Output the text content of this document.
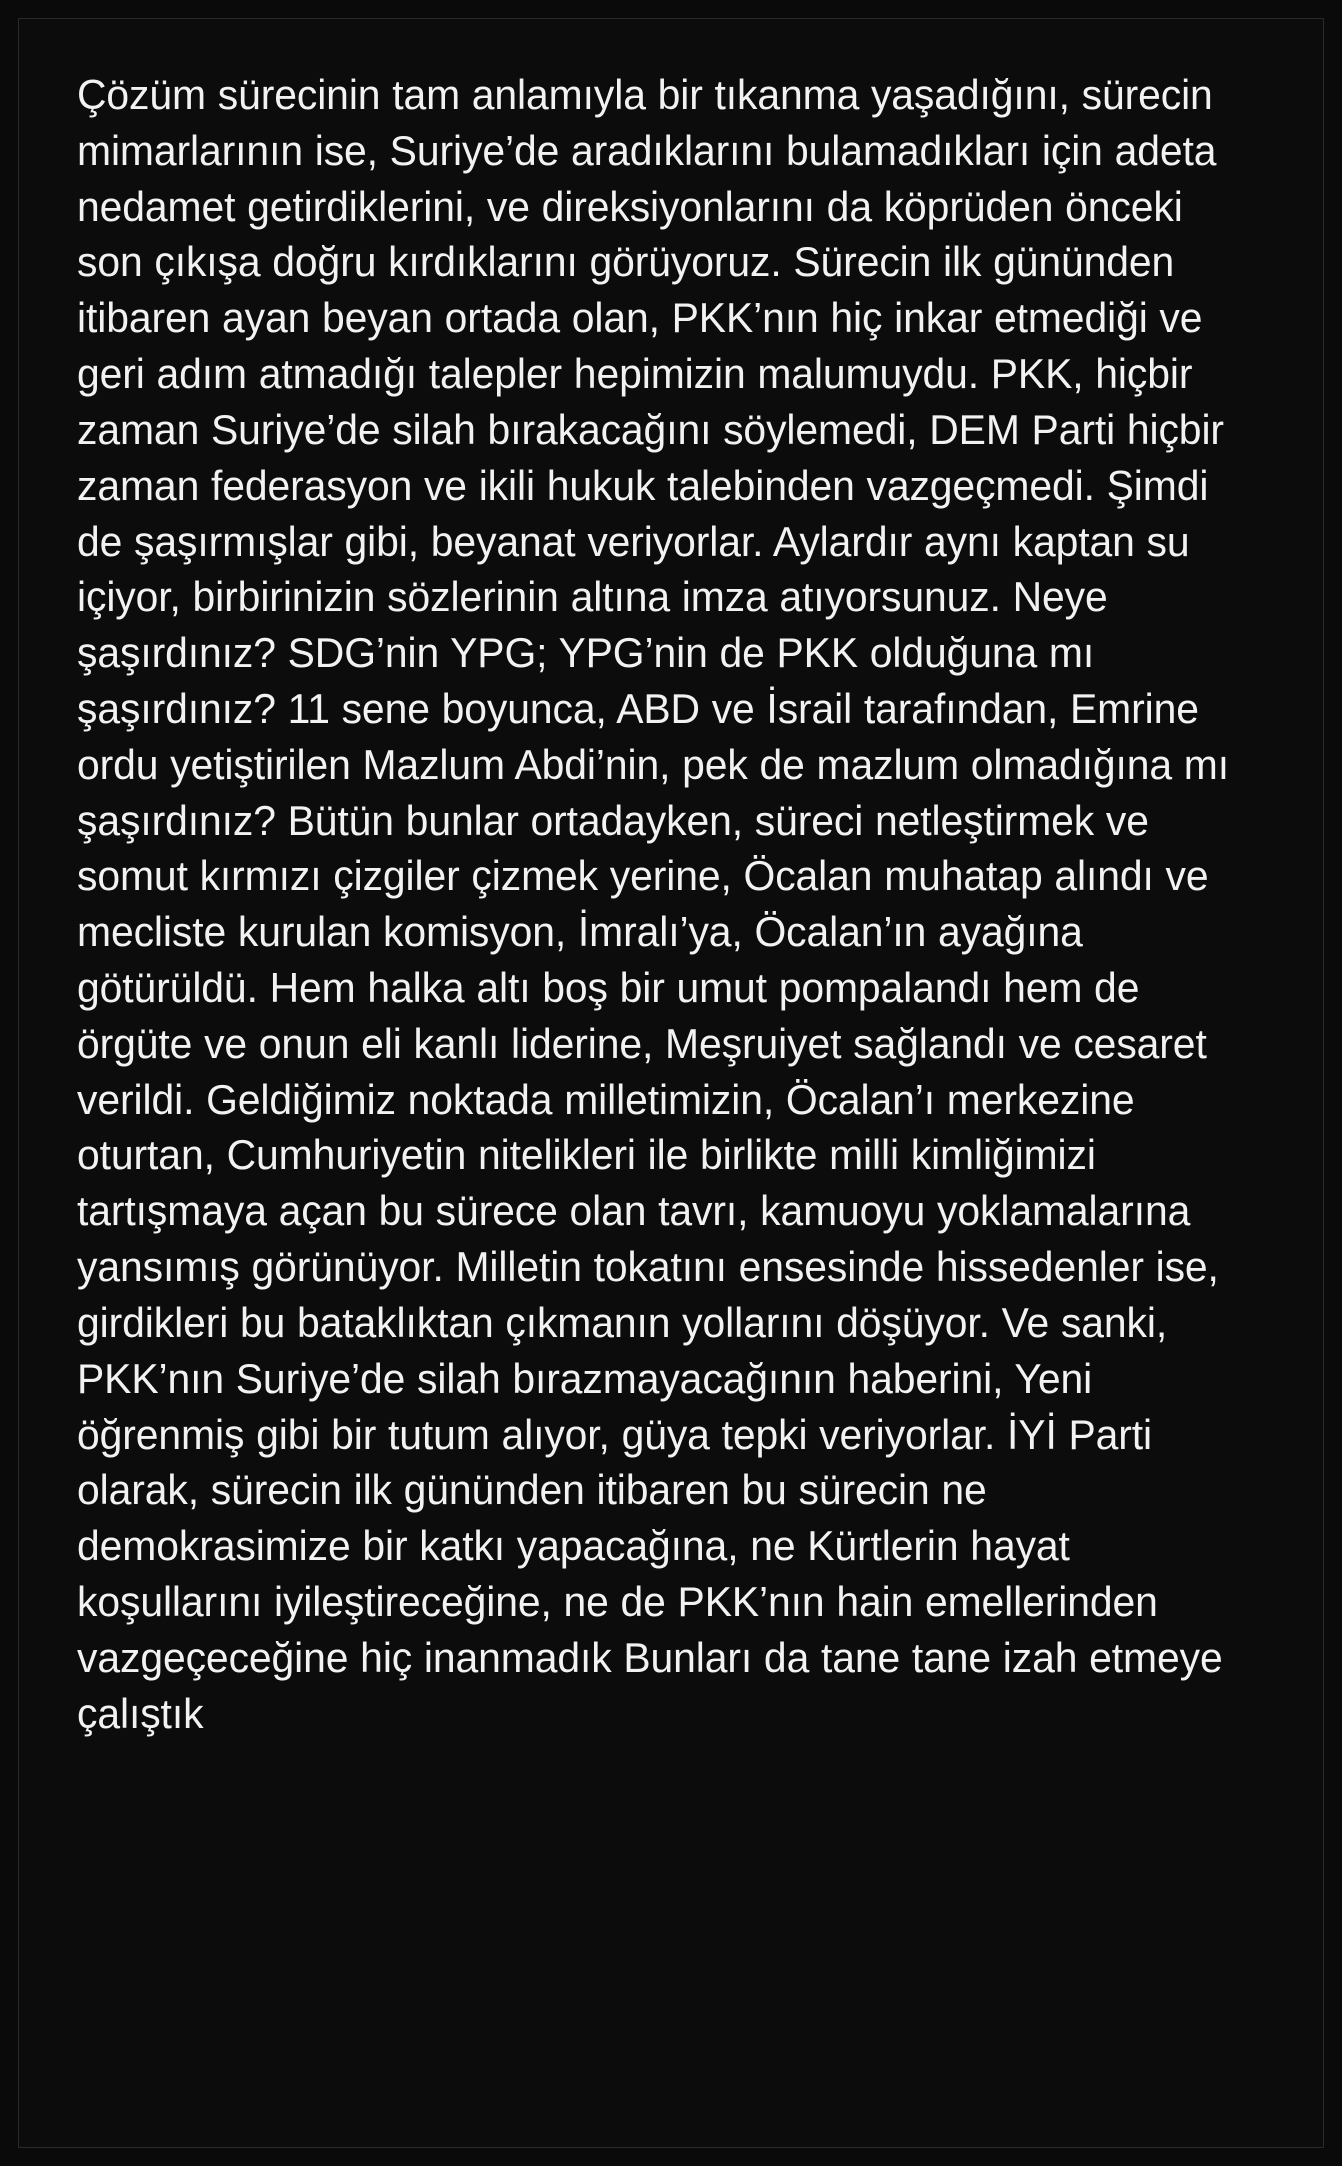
Çözüm sürecinin tam anlamıyla bir tıkanma yaşadığını, sürecin mimarlarının ise, Suriye’de aradıklarını bulamadıkları için adeta nedamet getirdiklerini, ve direksiyonlarını da köprüden önceki son çıkışa doğru kırdıklarını görüyoruz. Sürecin ilk gününden itibaren ayan beyan ortada olan, PKK’nın hiç inkar etmediği ve geri adım atmadığı talepler hepimizin malumuydu. PKK, hiçbir zaman Suriye’de silah bırakacağını söylemedi, DEM Parti hiçbir zaman federasyon ve ikili hukuk talebinden vazgeçmedi. Şimdi de şaşırmışlar gibi, beyanat veriyorlar. Aylardır aynı kaptan su içiyor, birbirinizin sözlerinin altına imza atıyorsunuz. Neye şaşırdınız? SDG’nin YPG; YPG’nin de PKK olduğuna mı şaşırdınız? 11 sene boyunca, ABD ve İsrail tarafından, Emrine ordu yetiştirilen Mazlum Abdi’nin, pek de mazlum olmadığına mı şaşırdınız? Bütün bunlar ortadayken, süreci netleştirmek ve somut kırmızı çizgiler çizmek yerine, Öcalan muhatap alındı ve mecliste kurulan komisyon, İmralı’ya, Öcalan’ın ayağına götürüldü. Hem halka altı boş bir umut pompalandı hem de örgüte ve onun eli kanlı liderine, Meşruiyet sağlandı ve cesaret verildi. Geldiğimiz noktada milletimizin, Öcalan’ı merkezine oturtan, Cumhuriyetin nitelikleri ile birlikte milli kimliğimizi tartışmaya açan bu sürece olan tavrı, kamuoyu yoklamalarına yansımış görünüyor. Milletin tokatını ensesinde hissedenler ise, girdikleri bu bataklıktan çıkmanın yollarını döşüyor. Ve sanki, PKK’nın Suriye’de silah bırazmayacağının haberini, Yeni öğrenmiş gibi bir tutum alıyor, güya tepki veriyorlar. İYİ Parti olarak, sürecin ilk gününden itibaren bu sürecin ne demokrasimize bir katkı yapacağına, ne Kürtlerin hayat koşullarını iyileştireceğine, ne de PKK’nın hain emellerinden vazgeçeceğine hiç inanmadık Bunları da tane tane izah etmeye çalıştık
